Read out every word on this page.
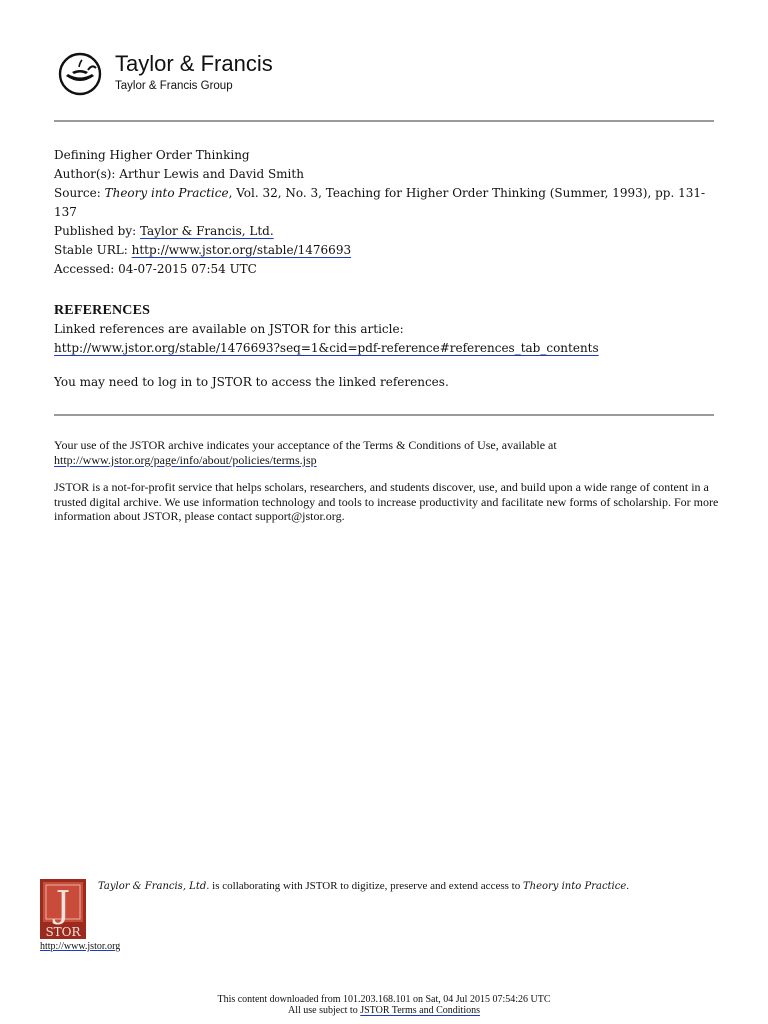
Taylor & Francis
Taylor & Francis Group
Defining Higher Order Thinking
Author(s): Arthur Lewis and David Smith
Source: Theory into Practice, Vol. 32, No. 3, Teaching for Higher Order Thinking (Summer, 1993), pp. 131-137
Published by: Taylor & Francis, Ltd.
Stable URL: http://www.jstor.org/stable/1476693
Accessed: 04-07-2015 07:54 UTC
REFERENCES
Linked references are available on JSTOR for this article:
http://www.jstor.org/stable/1476693?seq=1&cid=pdf-reference#references_tab_contents
You may need to log in to JSTOR to access the linked references.
Your use of the JSTOR archive indicates your acceptance of the Terms & Conditions of Use, available at http://www.jstor.org/page/info/about/policies/terms.jsp
JSTOR is a not-for-profit service that helps scholars, researchers, and students discover, use, and build upon a wide range of content in a trusted digital archive. We use information technology and tools to increase productivity and facilitate new forms of scholarship. For more information about JSTOR, please contact support@jstor.org.
J
STOR
http://www.jstor.org
Taylor & Francis, Ltd. is collaborating with JSTOR to digitize, preserve and extend access to Theory into Practice.
This content downloaded from 101.203.168.101 on Sat, 04 Jul 2015 07:54:26 UTC
All use subject to JSTOR Terms and Conditions
